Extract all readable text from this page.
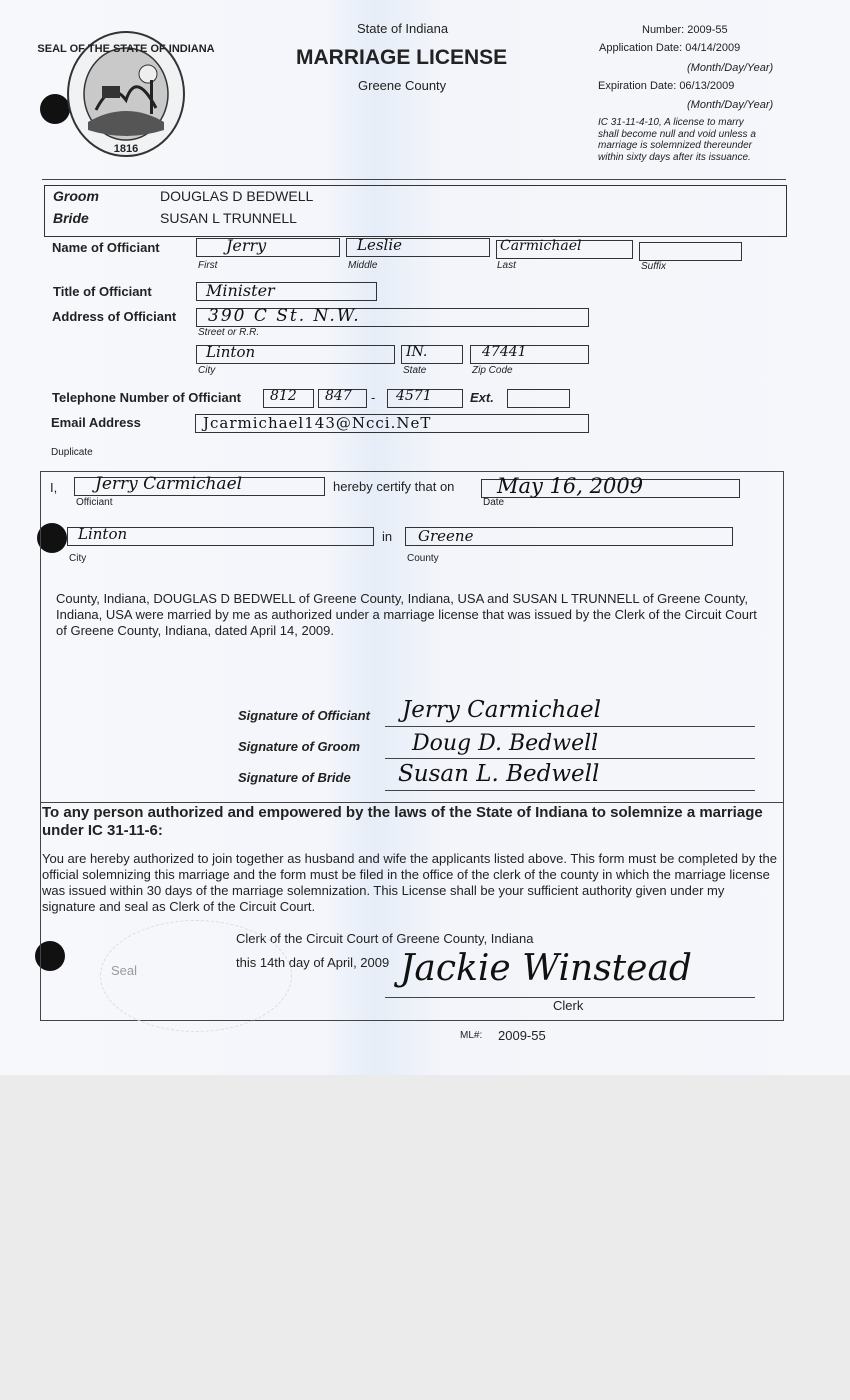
SEAL OF THE STATE OF INDIANA
1816
State of Indiana
MARRIAGE LICENSE
Greene County
Number: 2009-55
Application Date: 04/14/2009
(Month/Day/Year)
Expiration Date: 06/13/2009
(Month/Day/Year)
IC 31-11-4-10, A license to marry
shall become null and void unless a
marriage is solemnized thereunder
within sixty days after its issuance.
Groom	DOUGLAS D BEDWELL
Bride	SUSAN L TRUNNELL
Name of Officiant	Jerry
First
Leslie
Middle
Carmichael
Last	Suffix
Title of Officiant	Minister
Address of Officiant 390 C St. N.W.
Street or R.R.
Linton
City
IN.
State
47441
Zip Code
Telephone Number of Officiant 812 847 - 4571	Ext.
Email Address	Jcarmichael143@Ncci.NeT
Duplicate
I, Jerry Carmichael
Officiant
hereby certify that on May 16, 2009
Date
Linton
City
in Greene
County
County, Indiana, DOUGLAS D BEDWELL of Greene County, Indiana, USA and SUSAN L TRUNNELL of Greene County, Indiana, USA were married by me as authorized under a marriage license that was issued by the Clerk of the Circuit Court of Greene County, Indiana, dated April 14, 2009.
Signature of Officiant Jerry Carmichael
Signature of Groom Doug D. Bedwell
Signature of Bride Susan L. Bedwell
To any person authorized and empowered by the laws of the State of Indiana to solemnize a marriage under IC 31-11-6:
You are hereby authorized to join together as husband and wife the applicants listed above. This form must be completed by the official solemnizing this marriage and the form must be filed in the office of the clerk of the county in which the marriage license was issued within 30 days of the marriage solemnization. This License shall be your sufficient authority given under my signature and seal as Clerk of the Circuit Court.
Clerk of the Circuit Court of Greene County, Indiana
this 14th day of April, 2009
Seal	Jackie Winstead
Clerk
ML#: 2009-55
